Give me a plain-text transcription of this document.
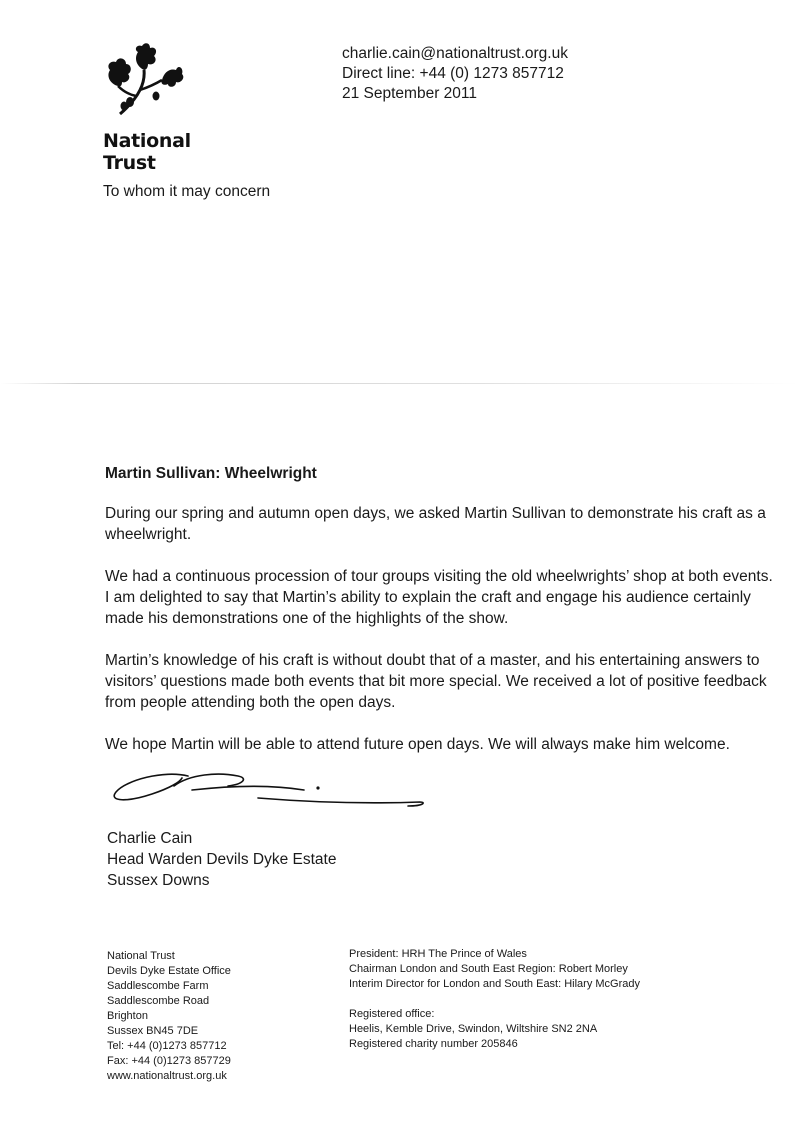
National
Trust
charlie.cain@nationaltrust.org.uk
Direct line: +44 (0) 1273 857712
21 September 2011
To whom it may concern
Martin Sullivan: Wheelwright

During our spring and autumn open days, we asked Martin Sullivan to demonstrate his craft as a wheelwright.

We had a continuous procession of tour groups visiting the old wheelwrights’ shop at both events. I am delighted to say that Martin’s ability to explain the craft and engage his audience certainly made his demonstrations one of the highlights of the show.

Martin’s knowledge of his craft is without doubt that of a master, and his entertaining answers to visitors’ questions made both events that bit more special. We received a lot of positive feedback from people attending both the open days.

We hope Martin will be able to attend future open days. We will always make him welcome.

Charlie Cain
Head Warden Devils Dyke Estate
Sussex Downs
National Trust
Devils Dyke Estate Office
Saddlescombe Farm
Saddlescombe Road
Brighton
Sussex BN45 7DE
Tel: +44 (0)1273 857712
Fax: +44 (0)1273 857729
www.nationaltrust.org.uk
President: HRH The Prince of Wales
Chairman London and South East Region: Robert Morley
Interim Director for London and South East: Hilary McGrady
Registered office:
Heelis, Kemble Drive, Swindon, Wiltshire SN2 2NA
Registered charity number 205846
